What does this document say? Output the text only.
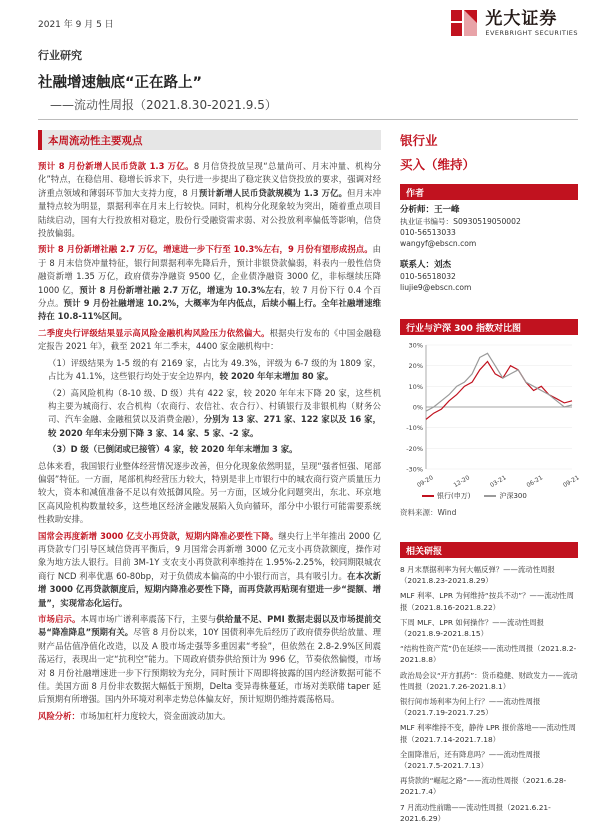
2021 年 9 月 5 日	光大证券
EVERBRIGHT SECURITIES
行业研究
社融增速触底“正在路上”
——流动性周报（2021.8.30-2021.9.5）
本周流动性主要观点

预计 8 月份新增人民币贷款 1.3 万亿。8 月信贷投放呈现“总量尚可、月末冲量、机构分化”特点，在稳信用、稳增长诉求下，央行进一步提出了稳定狭义信贷投放的要求，强调对经济重点领域和薄弱环节加大支持力度，8 月预计新增人民币贷款规模为 1.3 万亿。但月末冲量特点较为明显，票据利率在月末上行较快。同时，机构分化现象较为突出，随着重点项目陆续启动，国有大行投放相对稳定，股份行受融资需求弱、对公投放利率偏低等影响，信贷投放偏弱。

预计 8 月份新增社融 2.7 万亿，增速进一步下行至 10.3%左右，9 月份有望形成拐点。由于 8 月末信贷冲量特征，银行间票据利率先降后升，预计非银贷款偏弱，料表内一般性信贷融资新增 1.35 万亿，政府债券净融资 9500 亿，企业债净融资 3000 亿，非标继续压降 1000 亿，预计 8 月份新增社融 2.7 万亿，增速为 10.3%左右，较 7 月份下行 0.4 个百分点。预计 9 月份社融增速 10.2%，大概率为年内低点，后续小幅上行。全年社融增速维持在 10.8-11%区间。

二季度央行评级结果显示高风险金融机构风险压力依然偏大。根据央行发布的《中国金融稳定报告 2021 年》，截至 2021 年二季末，4400 家金融机构中：

（1）评级结果为 1-5 级的有 2169 家，占比为 49.3%，评级为 6-7 级的为 1809 家，占比为 41.1%，这些银行均处于安全边界内，较 2020 年年末增加 80 家。

（2）高风险机构（8-10 级、D 级）共有 422 家，较 2020 年年末下降 20 家，这些机构主要为城商行、农合机构（农商行、农信社、农合行）、村镇银行及非银机构（财务公司、汽车金融、金融租赁以及消费金融），分别为 13 家、271 家、122 家以及 16 家，较 2020 年年末分别下降 3 家、14 家、5 家、-2 家。

（3）D 级（已倒闭或已接管）4 家，较 2020 年年末增加 3 家。

总体来看，我国银行业整体经营情况逐步改善，但分化现象依然明显，呈现“强者恒强、尾部偏弱”特征。一方面，尾部机构经营压力较大，特别是非上市银行中的城农商行资产质量压力较大，资本和减值准备不足以有效抵御风险。另一方面，区域分化问题突出，东北、环京地区高风险机构数量较多，这些地区经济金融发展陷入负向循环，部分中小银行可能需要系统性救助安排。

国常会再度新增 3000 亿支小再贷款，短期内降准必要性下降。继央行上半年推出 2000 亿再贷款专门引导区域信贷再平衡后，9 月国常会再新增 3000 亿元支小再贷款额度，操作对象为地方法人银行。目前 3M-1Y 支农支小再贷款利率维持在 1.95%-2.25%，较同期限城农商行 NCD 利率优惠 60-80bp，对于负债成本偏高的中小银行而言，具有吸引力。在本次新增 3000 亿再贷款额度后，短期内降准必要性下降，而再贷款再贴现有望进一步“提额、增量”，实现常态化运行。

市场启示。本周市场广谱利率震荡下行，主要与供给量不足、PMI 数据走弱以及市场提前交易“降准降息”预期有关。尽管 8 月份以来，10Y 国债利率先后经历了政府债券供给放量、理财产品估值净值化改造，以及 A 股市场走强等多重因素“考验”，但依然在 2.8-2.9%区间震荡运行，表现出一定“抗利空”能力。下周政府债券供给预计为 996 亿，节奏依然偏慢，市场对 8 月份社融增速进一步下行预期较为充分，同时预计下周即将披露的国内经济数据可能不佳。美国方面 8 月份非农数据大幅低于预期，Delta 变异毒株蔓延，市场对美联储 taper 延后预期有所增强。国内外环境对利率走势总体偏友好，预计短期仍维持震荡格局。

风险分析：市场加杠杆力度较大，资金面波动加大。

银行业
买入（维持）
作者
分析师：王一峰
执业证书编号：S0930519050002
010-56513033
wangyf@ebscn.com
联系人：刘杰
010-56518032
liujie9@ebscn.com
行业与沪深 300 指数对比图
30%
20%
10%
0%
-10%
-20%
-30%
09-20	12-20	03-21	06-21	09-21
银行(申万)	沪深300
资料来源：Wind
相关研报
8 月末票据利率为何大幅反弹？——流动性周报（2021.8.23-2021.8.29）
MLF 利率、LPR 为何维持“按兵不动”？——流动性周报（2021.8.16-2021.8.22）
下周 MLF、LPR 如何操作？——流动性周报（2021.8.9-2021.8.15）
“结构性资产荒”仍在延续——流动性周报（2021.8.2-2021.8.8）
政治局会议“开方抓药”：货币稳健、财政发力——流动性周报（2021.7.26-2021.8.1）
银行间市场利率为何上行？——流动性周报（2021.7.19-2021.7.25）
MLF 利率维持不变，静待 LPR 报价落地——流动性周报（2021.7.14-2021.7.18）
全面降准后，还有降息吗？——流动性周报（2021.7.5-2021.7.13）
再贷款的“崛起之路”——流动性周报（2021.6.28-2021.7.4）
7 月流动性前瞻——流动性周报（2021.6.21-2021.6.29）
